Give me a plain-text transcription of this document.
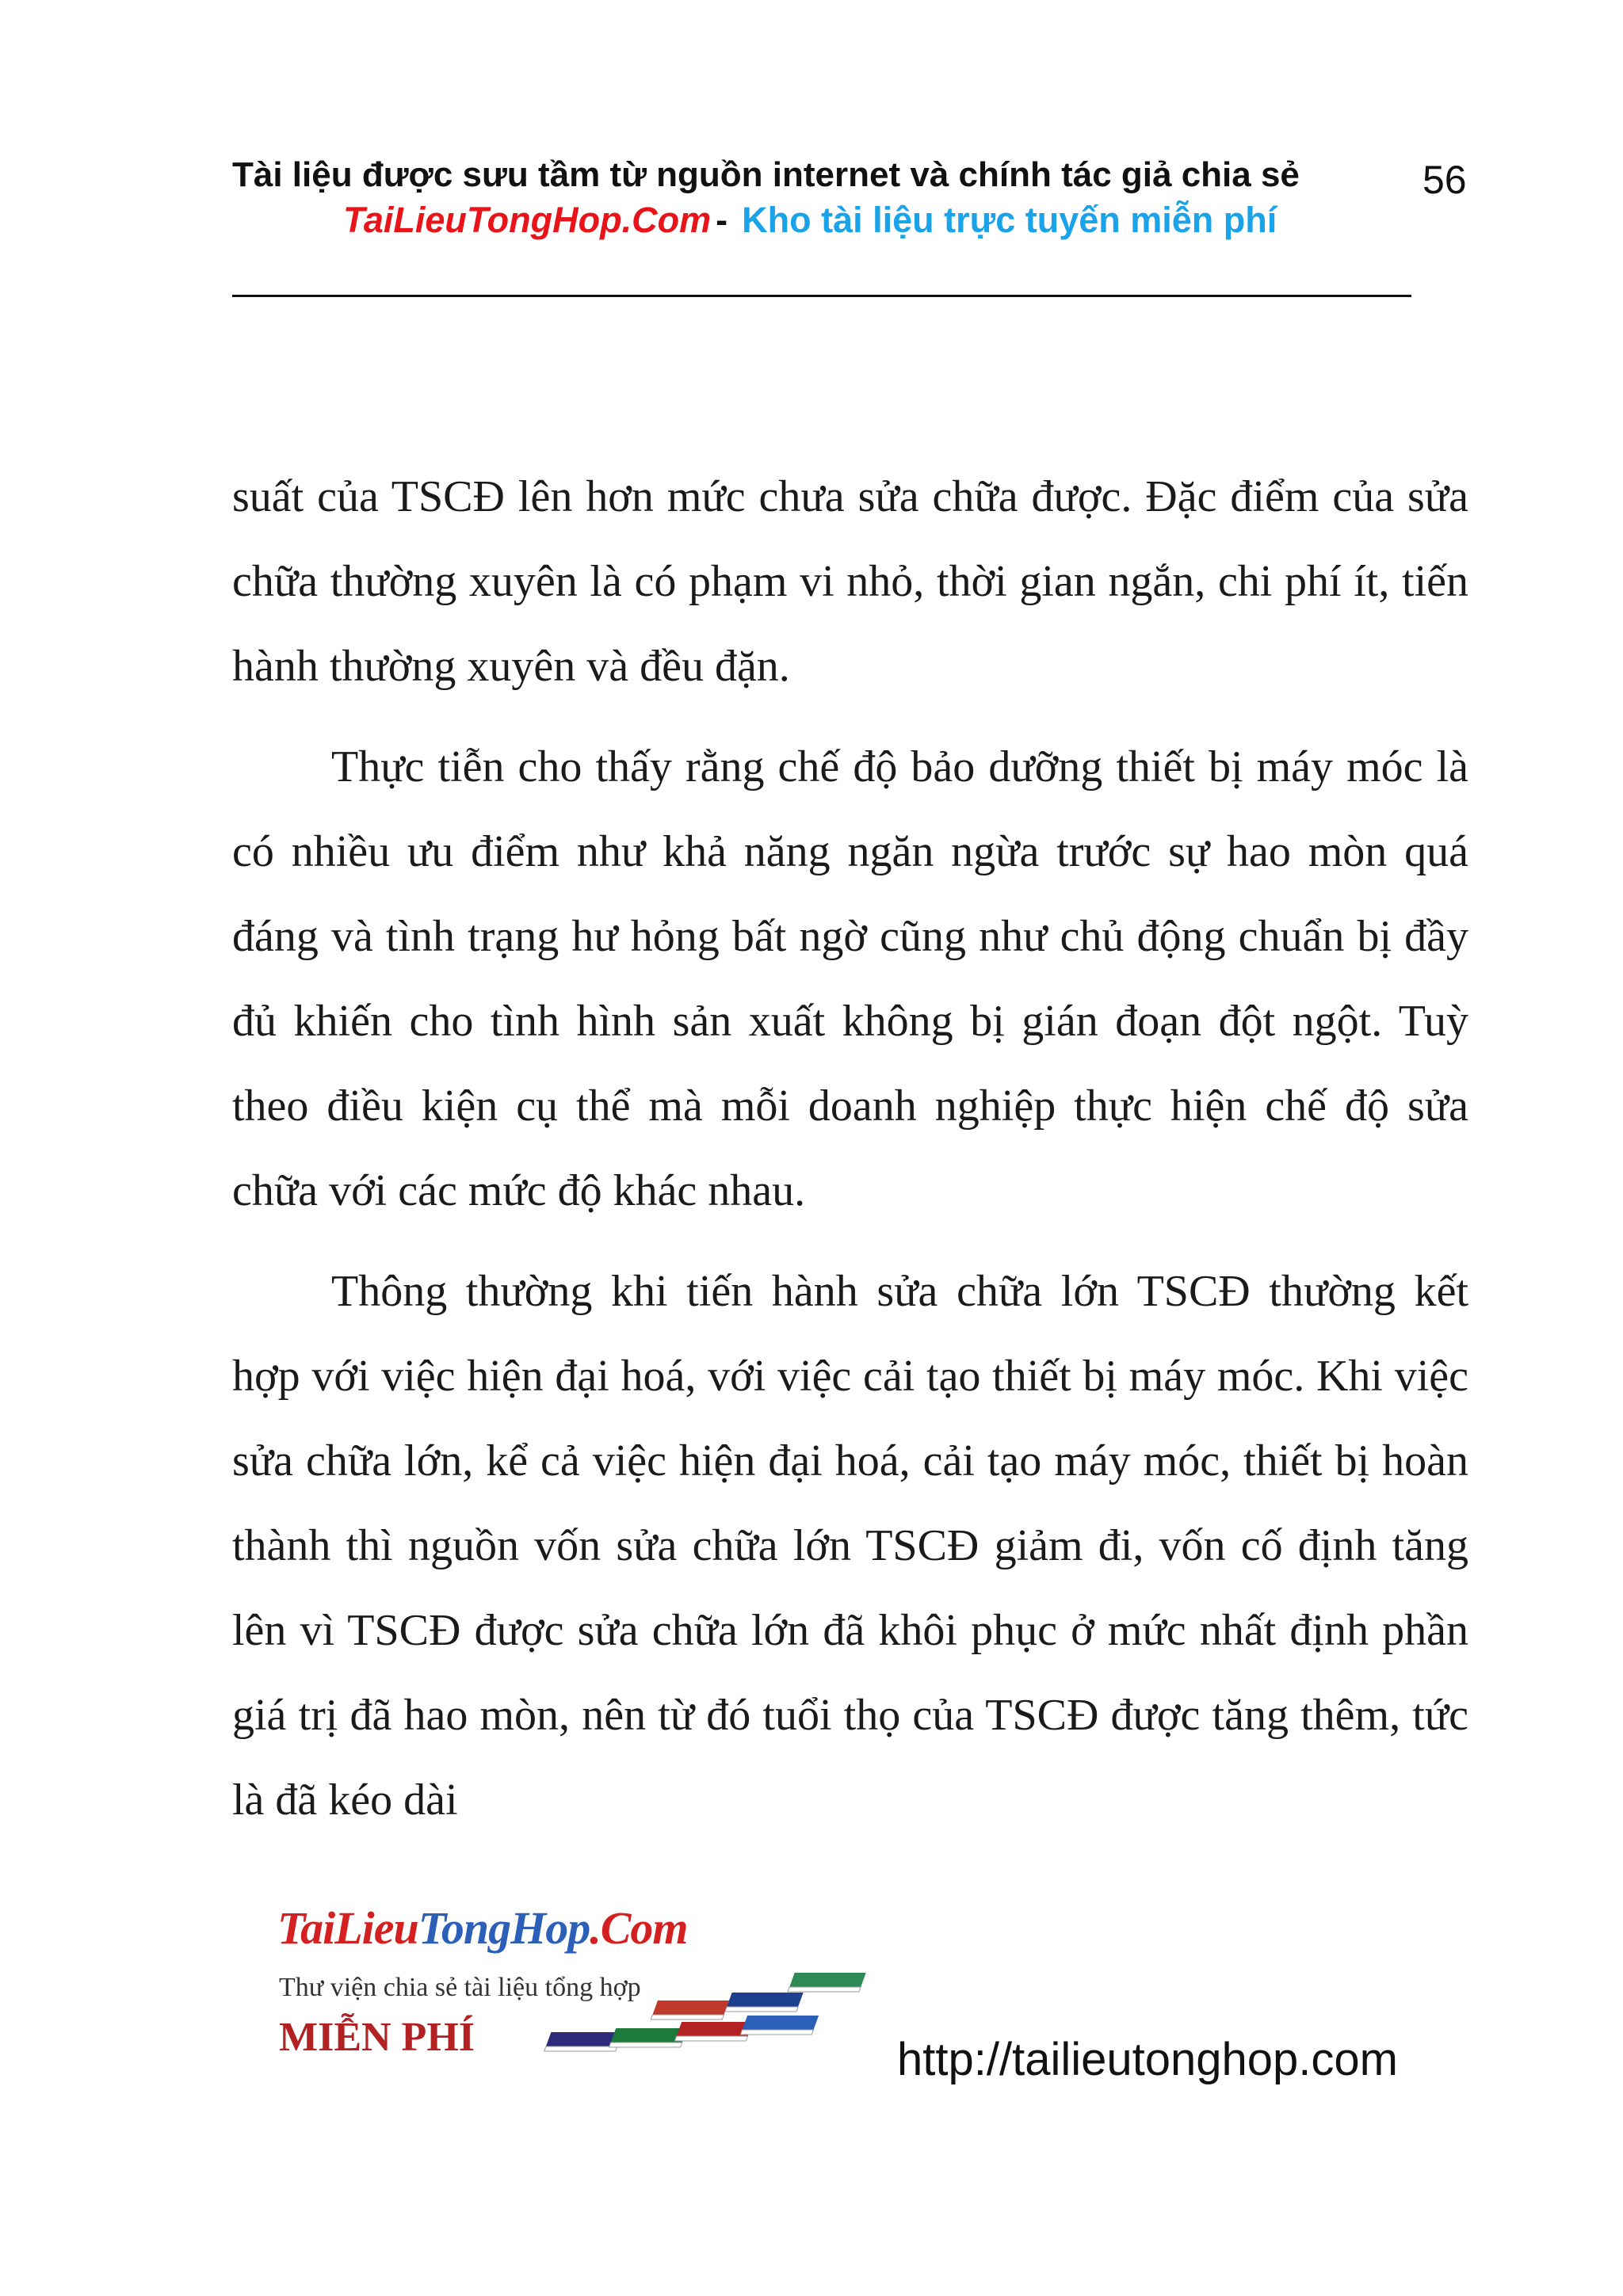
Tài liệu được sưu tầm từ nguồn internet và chính tác giả chia sẻ	56
TaiLieuTongHop.Com - Kho tài liệu trực tuyến miễn phí

suất của TSCĐ lên hơn mức chưa sửa chữa được. Đặc điểm của sửa chữa thường xuyên là có phạm vi nhỏ, thời gian ngắn, chi phí ít, tiến hành thường xuyên và đều đặn.

Thực tiễn cho thấy rằng chế độ bảo dưỡng thiết bị máy móc là có nhiều ưu điểm như khả năng ngăn ngừa trước sự hao mòn quá đáng và tình trạng hư hỏng bất ngờ cũng như chủ động chuẩn bị đầy đủ khiến cho tình hình sản xuất không bị gián đoạn đột ngột. Tuỳ theo điều kiện cụ thể mà mỗi doanh nghiệp thực hiện chế độ sửa chữa với các mức độ khác nhau.

Thông thường khi tiến hành sửa chữa lớn TSCĐ thường kết hợp với việc hiện đại hoá, với việc cải tạo thiết bị máy móc. Khi việc sửa chữa lớn, kể cả việc hiện đại hoá, cải tạo máy móc, thiết bị hoàn thành thì nguồn vốn sửa chữa lớn TSCĐ giảm đi, vốn cố định tăng lên vì TSCĐ được sửa chữa lớn đã khôi phục ở mức nhất định phần giá trị đã hao mòn, nên từ đó tuổi thọ của TSCĐ được tăng thêm, tức là đã kéo dài

TaiLieuTongHop.Com
Thư viện chia sẻ tài liệu tổng hợp
MIỄN PHÍ	http://tailieutonghop.com
